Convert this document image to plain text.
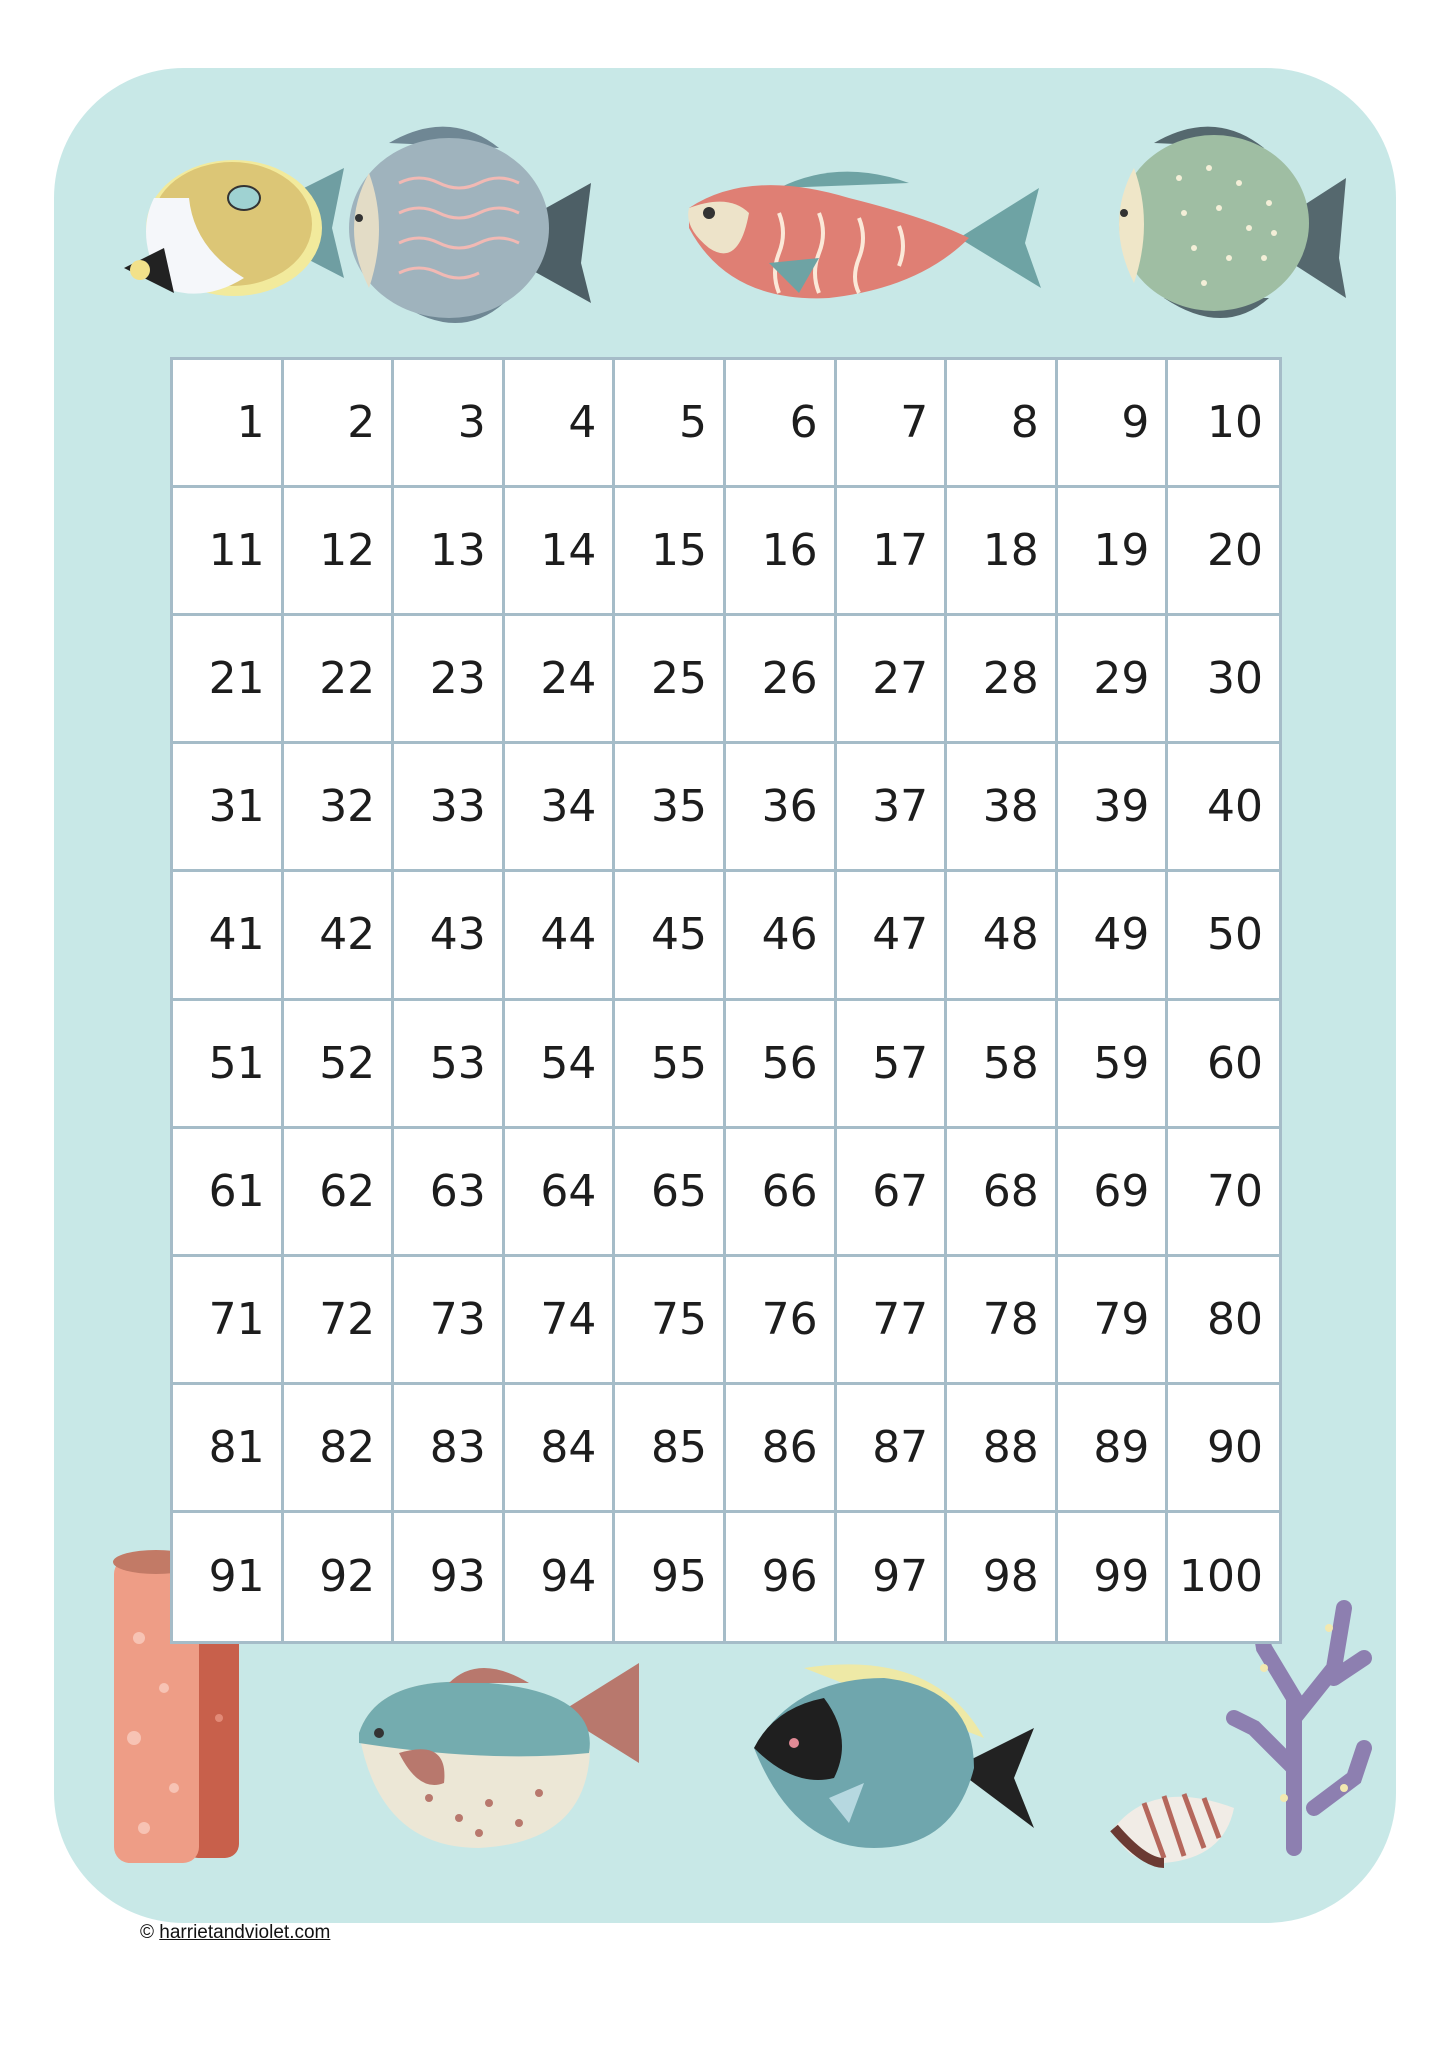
1	2	3	4	5	6	7	8	9	10
11	12	13	14	15	16	17	18	19	20
21	22	23	24	25	26	27	28	29	30
31	32	33	34	35	36	37	38	39	40
41	42	43	44	45	46	47	48	49	50
51	52	53	54	55	56	57	58	59	60
61	62	63	64	65	66	67	68	69	70
71	72	73	74	75	76	77	78	79	80
81	82	83	84	85	86	87	88	89	90
91	92	93	94	95	96	97	98	99 100
© harrietandviolet.com
